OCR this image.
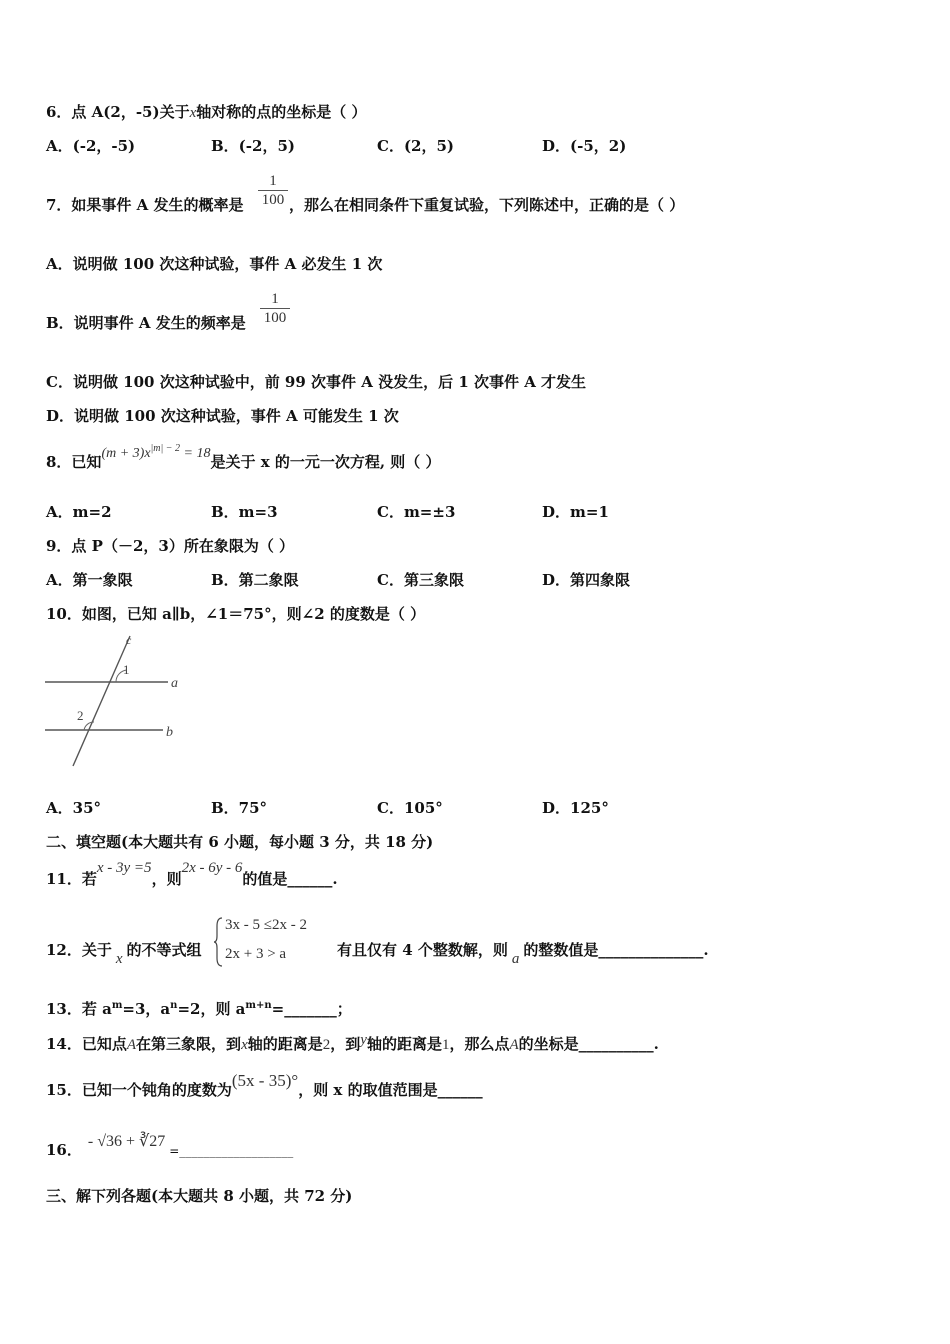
6．点 A(2，-5)关于x轴对称的点的坐标是（ ）
A．(-2，-5)	B．(-2，5)	C．(2，5)	D．(-5，2)
7．如果事件 A 发生的概率是
1
100 ，那么在相同条件下重复试验，下列陈述中，正确的是（ ）
A．说明做 100 次这种试验，事件 A 必发生 1 次
B．说明事件 A 发生的频率是
1
100
C．说明做 100 次这种试验中，前 99 次事件 A 没发生，后 1 次事件 A 才发生
D．说明做 100 次这种试验，事件 A 可能发生 1 次
8．已知$(m + 3)x^{|m| - 2} = 18$是关于 x 的一元一次方程, 则（ ）
A．m=2	B．m=3	C．m=±3	D．m=1
9．点 P（－2，3）所在象限为（ ）
A．第一象限	B．第二象限	C．第三象限	D．第四象限
10．如图，已知 a∥b，∠1＝75°，则∠2 的度数是（ ）
c
1
a
2
b
A．35°	B．75°	C．105°	D．125°
二、填空题(本大题共有 6 小题，每小题 3 分，共 18 分)
11．若x - 3y =5，则2x - 6y - 6的值是______.
12．关于 x 的不等式组
3x - 5 ≤2x - 2
2x + 3 > a	有且仅有 4 个整数解，则 a 的整数值是______________.
13．若 $a^m=3$，$a^n=2$，则 $a^{m+n}=\_\_\_\_\_\_\_$；
14．已知点A在第三象限，到x轴的距离是2，到y轴的距离是1，那么点A的坐标是__________.
15．已知一个钝角的度数为(5x - 35)°，则 x 的取值范围是______
16． - √36 + ∛27=___________________
三、解下列各题(本大题共 8 小题，共 72 分)
